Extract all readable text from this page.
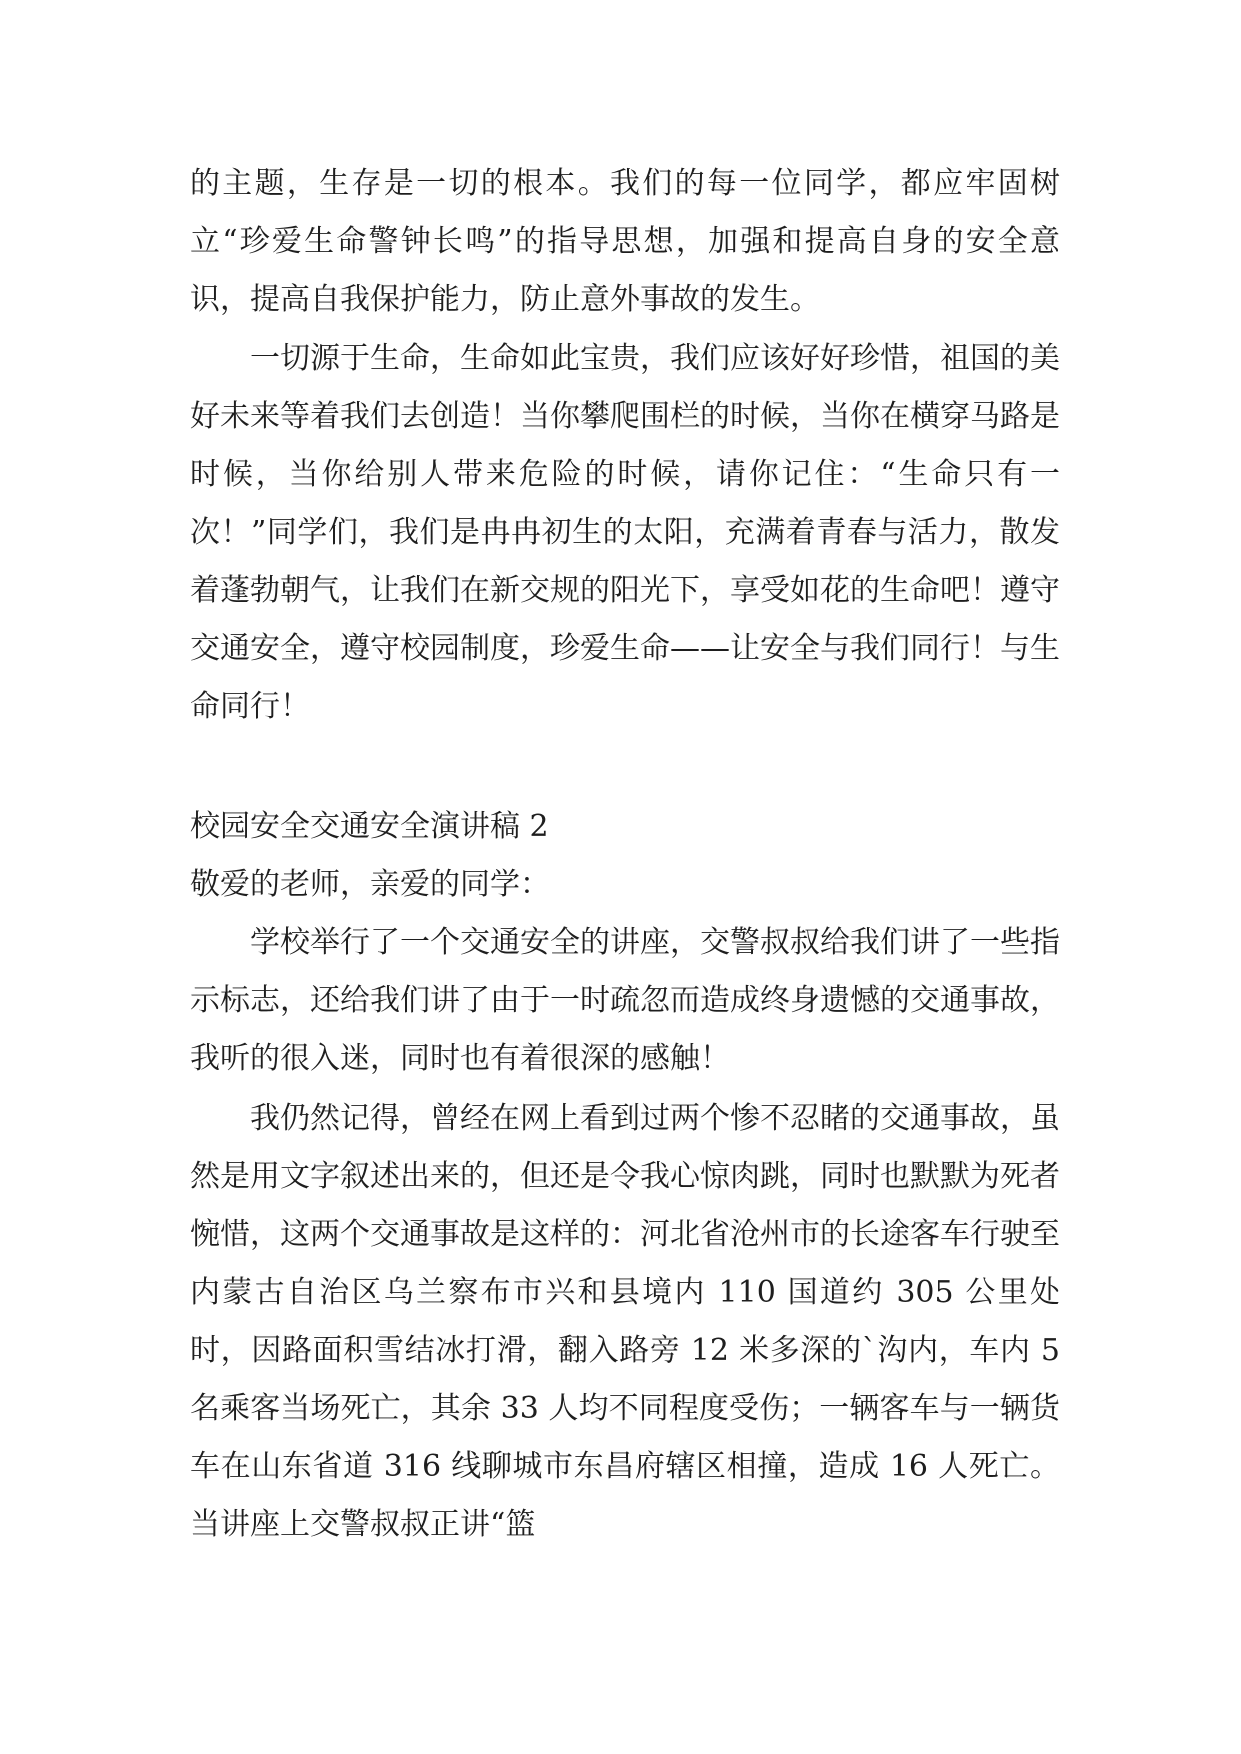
的主题，生存是一切的根本。我们的每一位同学，都应牢固树立“珍爱生命警钟长鸣”的指导思想，加强和提高自身的安全意识，提高自我保护能力，防止意外事故的发生。

一切源于生命，生命如此宝贵，我们应该好好珍惜，祖国的美好未来等着我们去创造！当你攀爬围栏的时候，当你在横穿马路是时候，当你给别人带来危险的时候，请你记住：“生命只有一次！”同学们，我们是冉冉初生的太阳，充满着青春与活力，散发着蓬勃朝气，让我们在新交规的阳光下，享受如花的生命吧！遵守交通安全，遵守校园制度，珍爱生命——让安全与我们同行！与生命同行！

校园安全交通安全演讲稿 2

敬爱的老师，亲爱的同学：

学校举行了一个交通安全的讲座，交警叔叔给我们讲了一些指示标志，还给我们讲了由于一时疏忽而造成终身遗憾的交通事故，我听的很入迷，同时也有着很深的感触！

我仍然记得，曾经在网上看到过两个惨不忍睹的交通事故，虽然是用文字叙述出来的，但还是令我心惊肉跳，同时也默默为死者惋惜，这两个交通事故是这样的：河北省沧州市的长途客车行驶至内蒙古自治区乌兰察布市兴和县境内 110 国道约 305 公里处时，因路面积雪结冰打滑，翻入路旁 12 米多深的`沟内，车内 5 名乘客当场死亡，其余 33 人均不同程度受伤；一辆客车与一辆货车在山东省道 316 线聊城市东昌府辖区相撞，造成 16 人死亡。当讲座上交警叔叔正讲“篮
